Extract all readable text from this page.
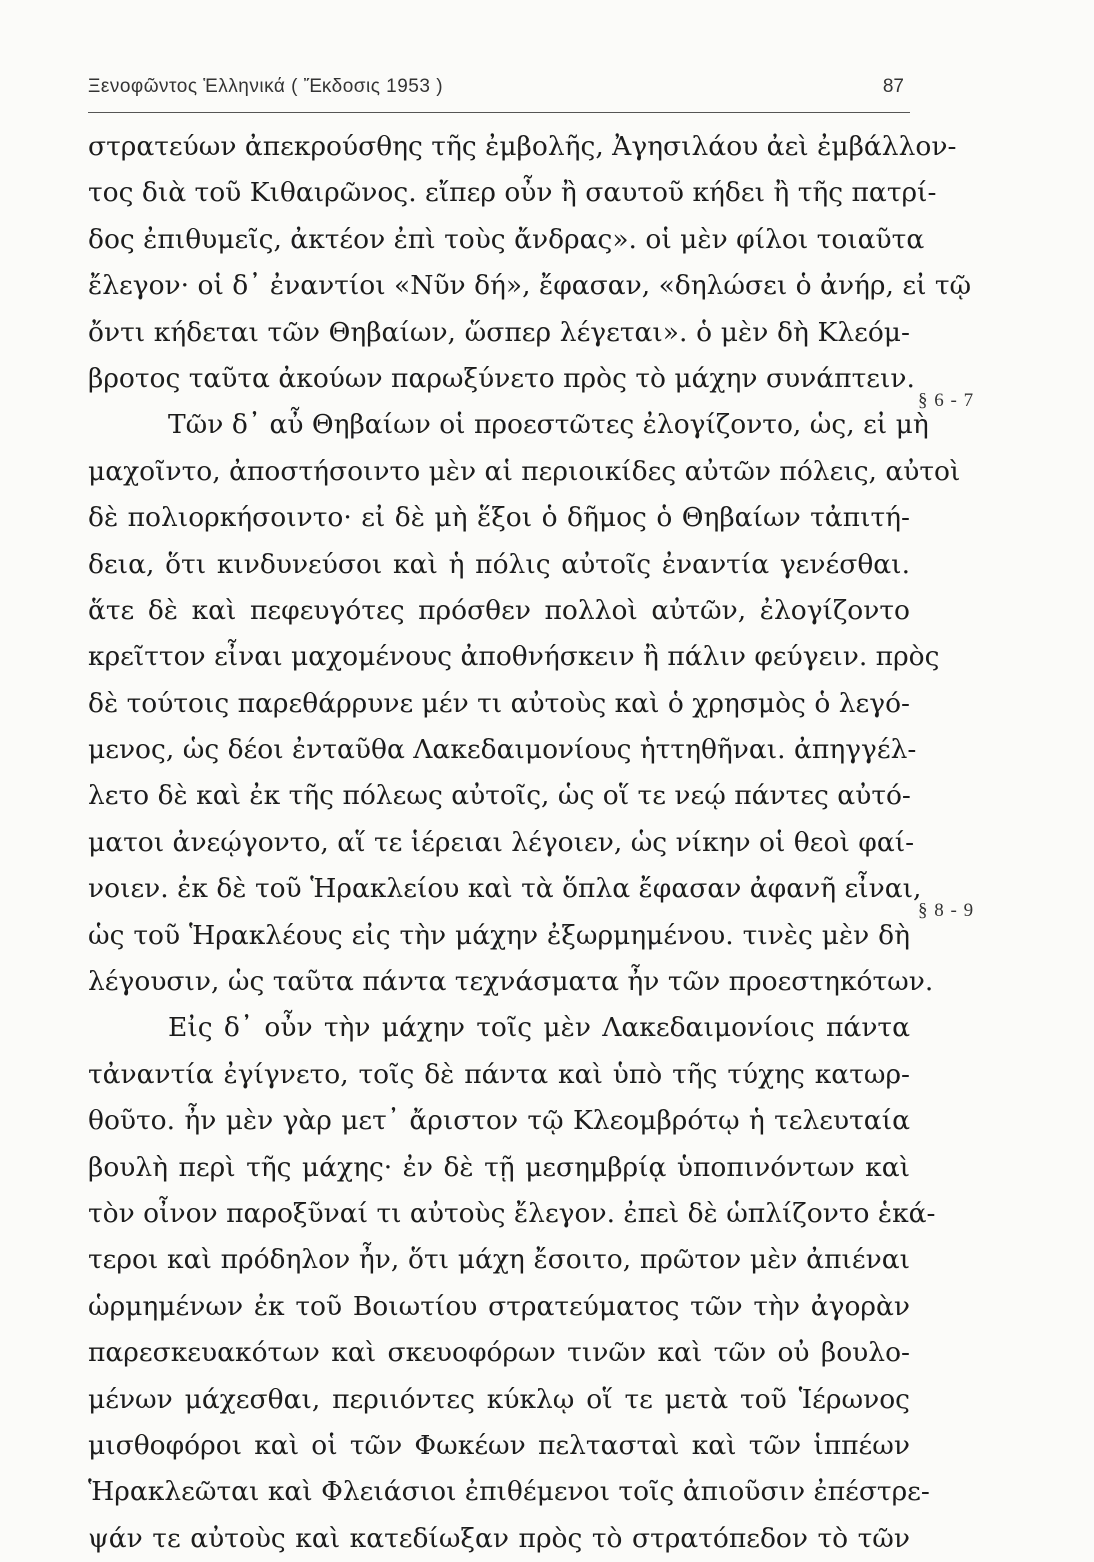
Ξενοφῶντος Ἑλληνικά ( Ἔκδοσις 1953 )	87
στρατεύων ἀπεκρούσθης τῆς ἐμβολῆς, Ἀγησιλάου ἀεὶ ἐμβάλλον-
τος διὰ τοῦ Κιθαιρῶνος. εἴπερ οὖν ἢ σαυτοῦ κήδει ἢ τῆς πατρί-
δος ἐπιθυμεῖς, ἀκτέον ἐπὶ τοὺς ἄνδρας». οἱ μὲν φίλοι τοιαῦτα
ἔλεγον· οἱ δ᾽ ἐναντίοι «Νῦν δή», ἔφασαν, «δηλώσει ὁ ἀνήρ, εἰ τῷ
ὄντι κήδεται τῶν Θηβαίων, ὥσπερ λέγεται». ὁ μὲν δὴ Κλεόμ-
βροτος ταῦτα ἀκούων παρωξύνετο πρὸς τὸ μάχην συνάπτειν.
Τῶν δ᾽ αὖ Θηβαίων οἱ προεστῶτες ἐλογίζοντο, ὡς, εἰ μὴ
μαχοῖντο, ἀποστήσοιντο μὲν αἱ περιοικίδες αὐτῶν πόλεις, αὐτοὶ
δὲ πολιορκήσοιντο· εἰ δὲ μὴ ἕξοι ὁ δῆμος ὁ Θηβαίων τἀπιτή-
δεια, ὅτι κινδυνεύσοι καὶ ἡ πόλις αὐτοῖς ἐναντία γενέσθαι.
ἅτε δὲ καὶ πεφευγότες πρόσθεν πολλοὶ αὐτῶν, ἐλογίζοντο
κρεῖττον εἶναι μαχομένους ἀποθνήσκειν ἢ πάλιν φεύγειν. πρὸς
δὲ τούτοις παρεθάρρυνε μέν τι αὐτοὺς καὶ ὁ χρησμὸς ὁ λεγό-
μενος, ὡς δέοι ἐνταῦθα Λακεδαιμονίους ἡττηθῆναι. ἀπηγγέλ-
λετο δὲ καὶ ἐκ τῆς πόλεως αὐτοῖς, ὡς οἵ τε νεῴ πάντες αὐτό-
ματοι ἀνεῴγοντο, αἵ τε ἱέρειαι λέγοιεν, ὡς νίκην οἱ θεοὶ φαί-
νοιεν. ἐκ δὲ τοῦ Ἡρακλείου καὶ τὰ ὅπλα ἔφασαν ἀφανῆ εἶναι,
ὡς τοῦ Ἡρακλέους εἰς τὴν μάχην ἐξωρμημένου. τινὲς μὲν δὴ
λέγουσιν, ὡς ταῦτα πάντα τεχνάσματα ἦν τῶν προεστηκότων.
Εἰς δ᾽ οὖν τὴν μάχην τοῖς μὲν Λακεδαιμονίοις πάντα
τἀναντία ἐγίγνετο, τοῖς δὲ πάντα καὶ ὑπὸ τῆς τύχης κατωρ-
θοῦτο. ἦν μὲν γὰρ μετ᾽ ἄριστον τῷ Κλεομβρότῳ ἡ τελευταία
βουλὴ περὶ τῆς μάχης· ἐν δὲ τῇ μεσημβρίᾳ ὑποπινόντων καὶ
τὸν οἶνον παροξῦναί τι αὐτοὺς ἔλεγον. ἐπεὶ δὲ ὡπλίζοντο ἑκά-
τεροι καὶ πρόδηλον ἦν, ὅτι μάχη ἔσοιτο, πρῶτον μὲν ἀπιέναι
ὡρμημένων ἐκ τοῦ Βοιωτίου στρατεύματος τῶν τὴν ἀγορὰν
παρεσκευακότων καὶ σκευοφόρων τινῶν καὶ τῶν οὐ βουλο-
μένων μάχεσθαι, περιιόντες κύκλῳ οἵ τε μετὰ τοῦ Ἱέρωνος
μισθοφόροι καὶ οἱ τῶν Φωκέων πελτασταὶ καὶ τῶν ἱππέων
Ἡρακλεῶται καὶ Φλειάσιοι ἐπιθέμενοι τοῖς ἀπιοῦσιν ἐπέστρε-
ψάν τε αὐτοὺς καὶ κατεδίωξαν πρὸς τὸ στρατόπεδον τὸ τῶν
§ 6 - 7
§ 8 - 9
